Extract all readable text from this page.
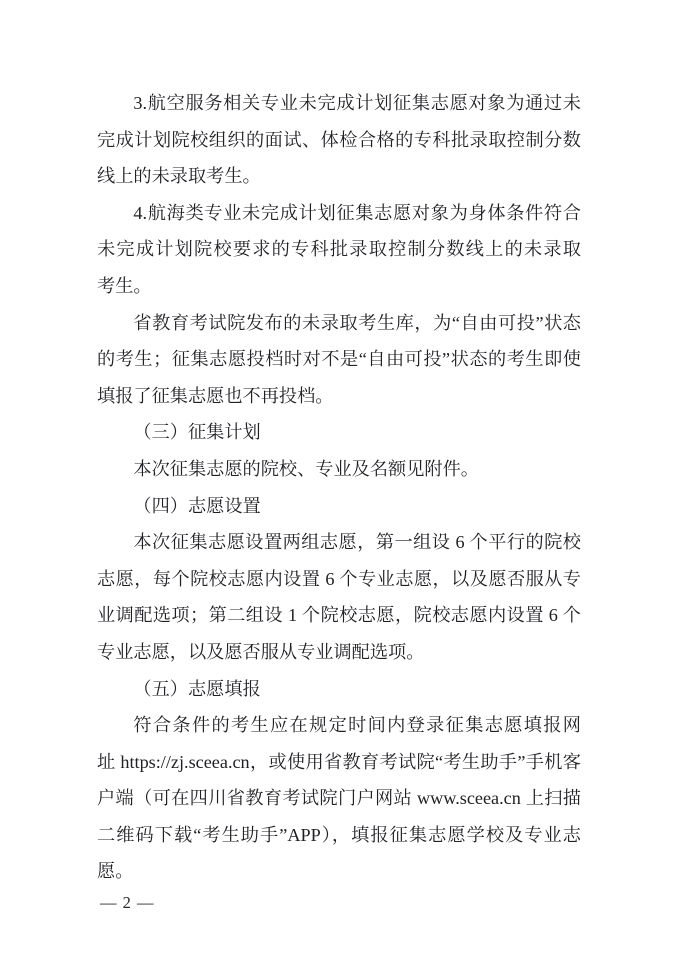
3.航空服务相关专业未完成计划征集志愿对象为通过未
完成计划院校组织的面试、体检合格的专科批录取控制分数
线上的未录取考生。
4.航海类专业未完成计划征集志愿对象为身体条件符合
未完成计划院校要求的专科批录取控制分数线上的未录取
考生。
省教育考试院发布的未录取考生库，为“自由可投”状态
的考生；征集志愿投档时对不是“自由可投”状态的考生即使
填报了征集志愿也不再投档。
（三）征集计划
本次征集志愿的院校、专业及名额见附件。
（四）志愿设置
本次征集志愿设置两组志愿，第一组设 6 个平行的院校
志愿，每个院校志愿内设置 6 个专业志愿，以及愿否服从专
业调配选项；第二组设 1 个院校志愿，院校志愿内设置 6 个
专业志愿，以及愿否服从专业调配选项。
（五）志愿填报
符合条件的考生应在规定时间内登录征集志愿填报网
址 https://zj.sceea.cn，或使用省教育考试院“考生助手”手机客
户端（可在四川省教育考试院门户网站 www.sceea.cn 上扫描
二维码下载“考生助手”APP），填报征集志愿学校及专业志
愿。
— 2 —
